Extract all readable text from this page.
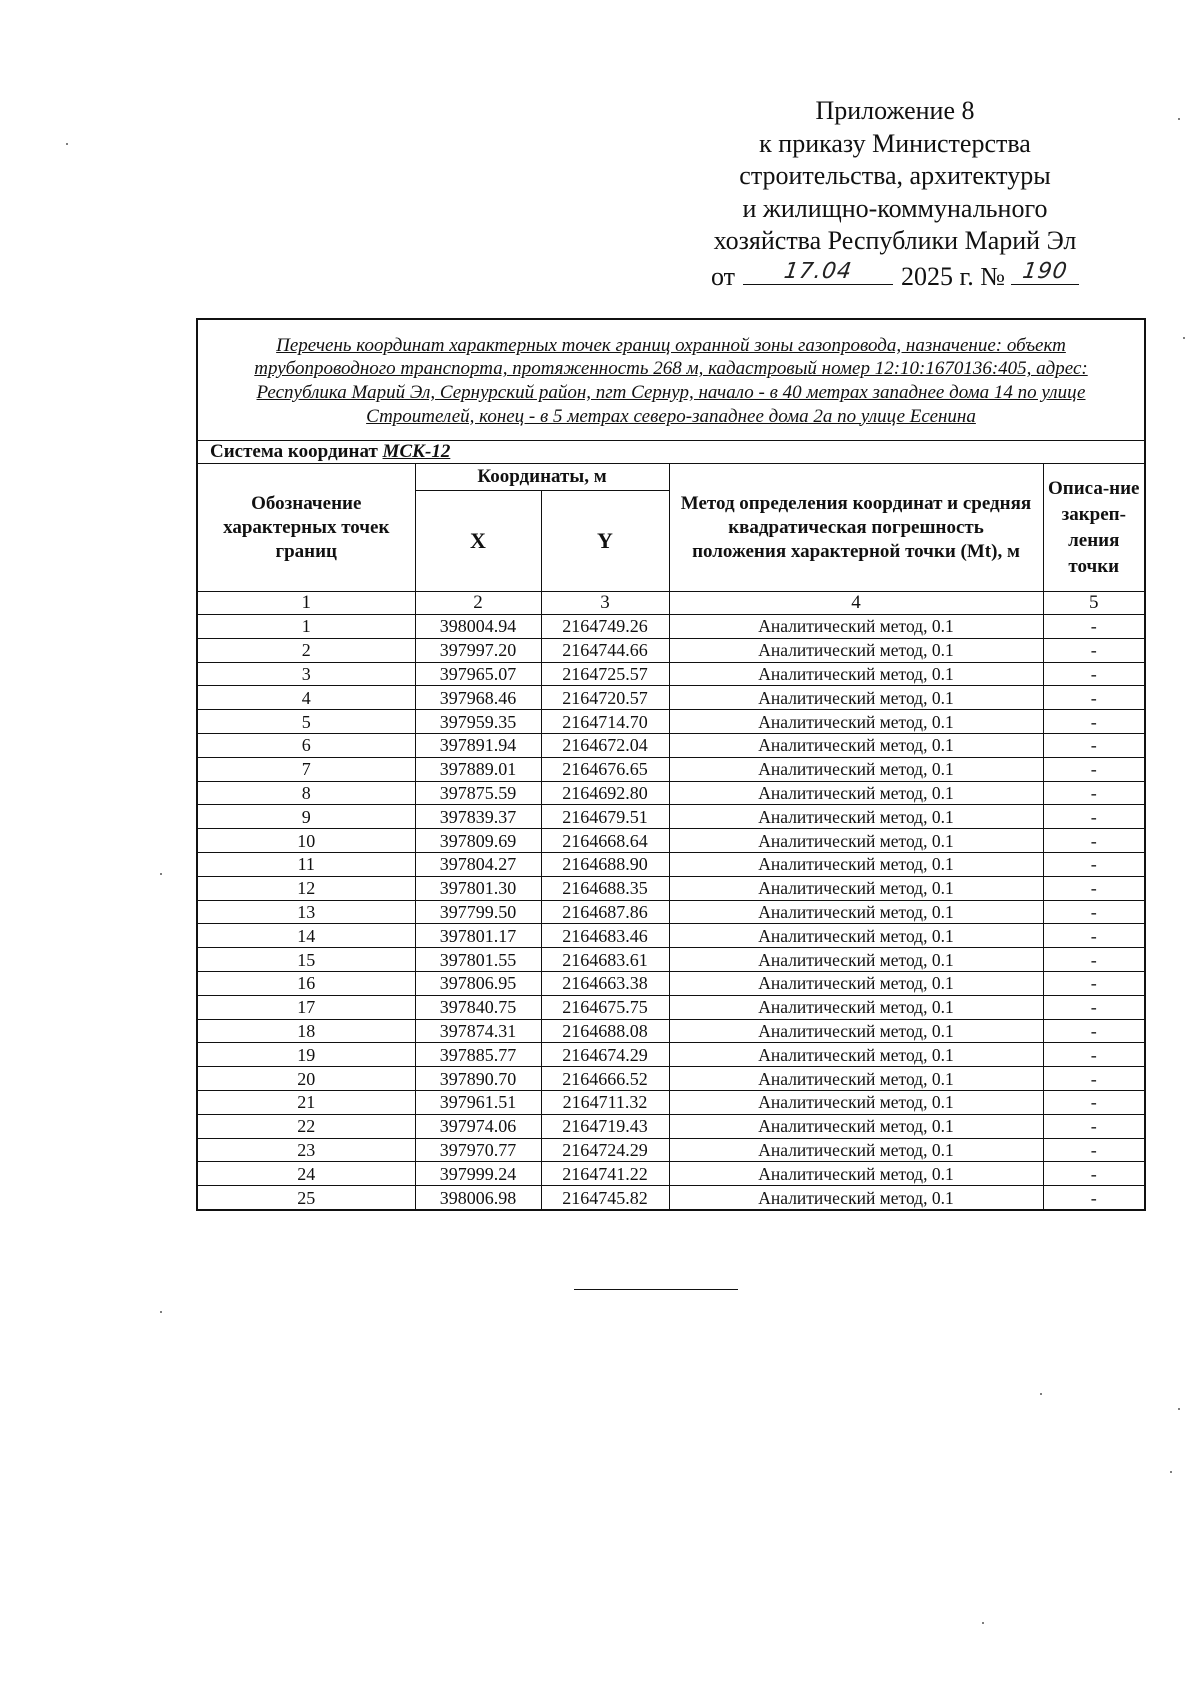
Приложение 8
к приказу Министерства
строительства, архитектуры
и жилищно-коммунального
хозяйства Республики Марий Эл
от	17.04	2025 г. № 190
Перечень координат характерных точек границ охранной зоны газопровода, назначение: объект трубопроводного транспорта, протяженность 268 м, кадастровый номер 12:10:1670136:405, адрес: Республика Марий Эл, Сернурский район, пгт Сернур, начало - в 40 метрах западнее дома 14 по улице Строителей, конец - в 5 метрах северо-западнее дома 2а по улице Есенина				
Система координат МСК-12				
Обозначение характерных точек границ	Координаты, м		Метод определения координат и средняя квадратическая погрешность положения характерной точки (Mt), м	Описа-ние закреп-ления точки
	X	Y		
1	2	3	4	5
1	398004.94	2164749.26	Аналитический метод, 0.1	-
2	397997.20	2164744.66	Аналитический метод, 0.1	-
3	397965.07	2164725.57	Аналитический метод, 0.1	-
4	397968.46	2164720.57	Аналитический метод, 0.1	-
5	397959.35	2164714.70	Аналитический метод, 0.1	-
6	397891.94	2164672.04	Аналитический метод, 0.1	-
7	397889.01	2164676.65	Аналитический метод, 0.1	-
8	397875.59	2164692.80	Аналитический метод, 0.1	-
9	397839.37	2164679.51	Аналитический метод, 0.1	-
10	397809.69	2164668.64	Аналитический метод, 0.1	-
11	397804.27	2164688.90	Аналитический метод, 0.1	-
12	397801.30	2164688.35	Аналитический метод, 0.1	-
13	397799.50	2164687.86	Аналитический метод, 0.1	-
14	397801.17	2164683.46	Аналитический метод, 0.1	-
15	397801.55	2164683.61	Аналитический метод, 0.1	-
16	397806.95	2164663.38	Аналитический метод, 0.1	-
17	397840.75	2164675.75	Аналитический метод, 0.1	-
18	397874.31	2164688.08	Аналитический метод, 0.1	-
19	397885.77	2164674.29	Аналитический метод, 0.1	-
20	397890.70	2164666.52	Аналитический метод, 0.1	-
21	397961.51	2164711.32	Аналитический метод, 0.1	-
22	397974.06	2164719.43	Аналитический метод, 0.1	-
23	397970.77	2164724.29	Аналитический метод, 0.1	-
24	397999.24	2164741.22	Аналитический метод, 0.1	-
25	398006.98	2164745.82	Аналитический метод, 0.1	-
